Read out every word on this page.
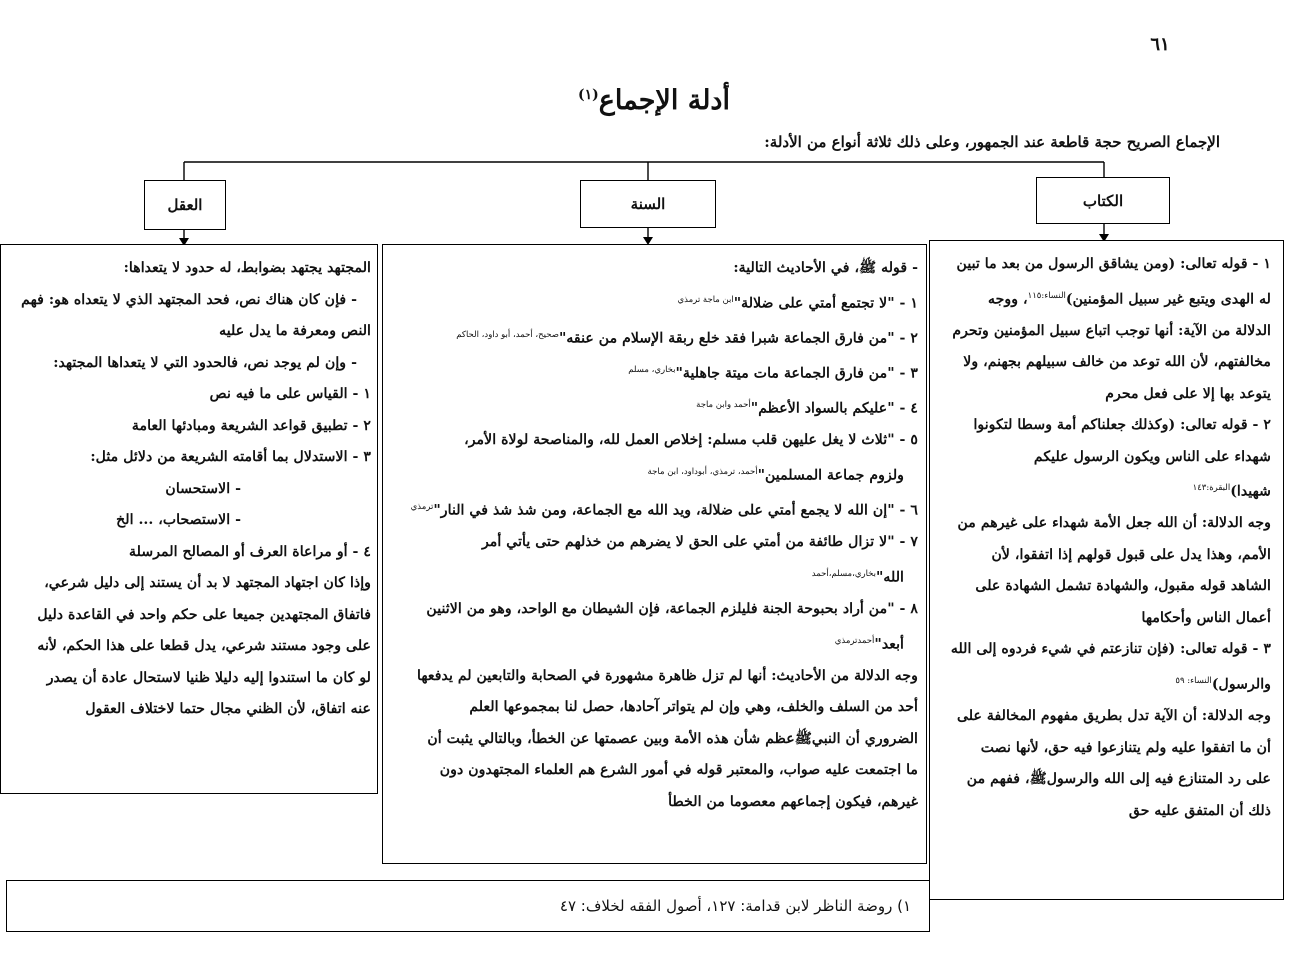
٦١
أدلة الإجماع$^{(١)}$
الإجماع الصريح حجة قاطعة عند الجمهور، وعلى ذلك ثلاثة أنواع من الأدلة:
العقل	السنة	الكتاب

١ - قوله تعالى: (ومن يشاقق الرسول من بعد ما تبين

له الهدى ويتبع غير سبيل المؤمنين)$^{النساء:١١٥}$، ووجه

الدلالة من الآية: أنها توجب اتباع سبيل المؤمنين وتحرم

مخالفتهم، لأن الله توعد من خالف سبيلهم بجهنم، ولا

يتوعد بها إلا على فعل محرم

٢ - قوله تعالى: (وكذلك جعلناكم أمة وسطا لتكونوا

شهداء على الناس ويكون الرسول عليكم

شهيدا)$^{البقرة:١٤٣}$

وجه الدلالة: أن الله جعل الأمة شهداء على غيرهم من

الأمم، وهذا يدل على قبول قولهم إذا اتفقوا، لأن

الشاهد قوله مقبول، والشهادة تشمل الشهادة على

أعمال الناس وأحكامها

٣ - قوله تعالى: (فإن تنازعتم في شيء فردوه إلى الله

والرسول)$^{النساء: ٥٩}$

وجه الدلالة: أن الآية تدل بطريق مفهوم المخالفة على

أن ما اتفقوا عليه ولم يتنازعوا فيه حق، لأنها نصت

على رد المتنازع فيه إلى الله والرسولﷺ، ففهم من

ذلك أن المتفق عليه حق

- قوله ﷺ، في الأحاديث التالية:

١ - "لا تجتمع أمتي على ضلالة"$^{ابن ماجة ترمذي}$

٢ - "من فارق الجماعة شبرا فقد خلع ربقة الإسلام من عنقه"$^{صحيح، أحمد، أبو داود، الحاكم}$

٣ - "من فارق الجماعة مات ميتة جاهلية"$^{بخاري، مسلم}$

٤ - "عليكم بالسواد الأعظم"$^{أحمد وابن ماجة}$

٥ - "ثلاث لا يغل عليهن قلب مسلم: إخلاص العمل لله، والمناصحة لولاة الأمر،

ولزوم جماعة المسلمين"$^{أحمد، ترمذي، أبوداود، ابن ماجة}$

٦ - "إن الله لا يجمع أمتي على ضلالة، ويد الله مع الجماعة، ومن شذ شذ في النار"$^{ترمذي}$

٧ - "لا تزال طائفة من أمتي على الحق لا يضرهم من خذلهم حتى يأتي أمر

الله"$^{بخاري،مسلم،أحمد}$

٨ - "من أراد بحبوحة الجنة فليلزم الجماعة، فإن الشيطان مع الواحد، وهو من الاثنين

أبعد"$^{أحمدترمذي}$

وجه الدلالة من الأحاديث: أنها لم تزل ظاهرة مشهورة في الصحابة والتابعين لم يدفعها

أحد من السلف والخلف، وهي وإن لم يتواتر آحادها، حصل لنا بمجموعها العلم

الضروري أن النبيﷺعظم شأن هذه الأمة وبين عصمتها عن الخطأ، وبالتالي يثبت أن

ما اجتمعت عليه صواب، والمعتبر قوله في أمور الشرع هم العلماء المجتهدون دون

غيرهم، فيكون إجماعهم معصوما من الخطأ

المجتهد يجتهد بضوابط، له حدود لا يتعداها:

- فإن كان هناك نص، فحد المجتهد الذي لا يتعداه هو: فهم

النص ومعرفة ما يدل عليه

- وإن لم يوجد نص، فالحدود التي لا يتعداها المجتهد:

١ - القياس على ما فيه نص

٢ - تطبيق قواعد الشريعة ومبادئها العامة

٣ - الاستدلال بما أقامته الشريعة من دلائل مثل:

- الاستحسان

- الاستصحاب، ... الخ

٤ - أو مراعاة العرف أو المصالح المرسلة

وإذا كان اجتهاد المجتهد لا بد أن يستند إلى دليل شرعي،

فاتفاق المجتهدين جميعا على حكم واحد في القاعدة دليل

على وجود مستند شرعي، يدل قطعا على هذا الحكم، لأنه

لو كان ما استندوا إليه دليلا ظنيا لاستحال عادة أن يصدر

عنه اتفاق، لأن الظني مجال حتما لاختلاف العقول

١) روضة الناظر لابن قدامة: ١٢٧، أصول الفقه لخلاف: ٤٧
